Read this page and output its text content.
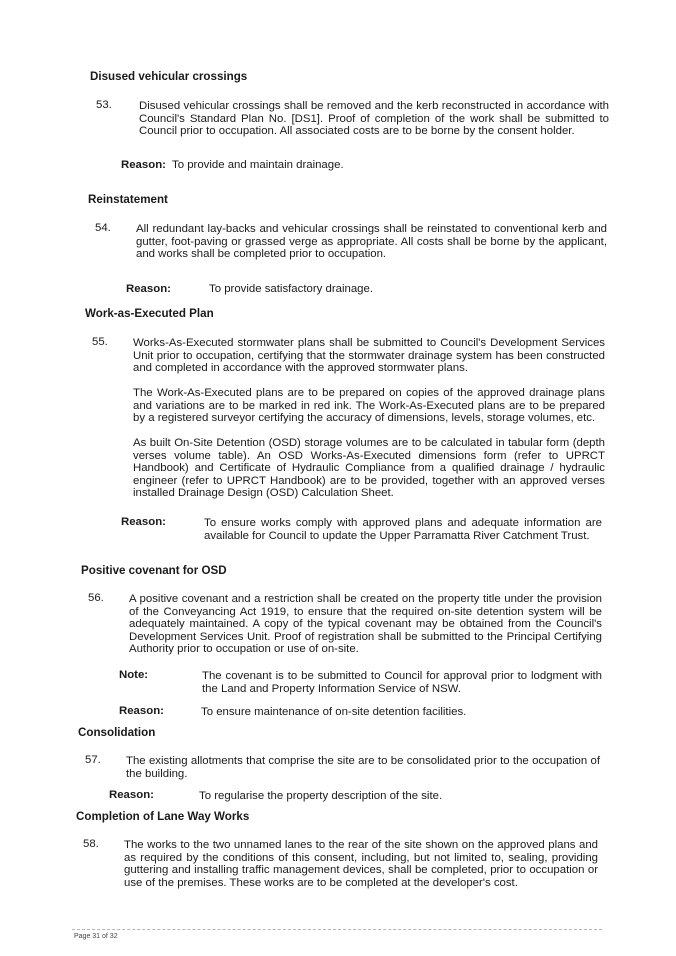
Disused vehicular crossings
53. Disused vehicular crossings shall be removed and the kerb reconstructed in accordance with Council's Standard Plan No. [DS1]. Proof of completion of the work shall be submitted to Council prior to occupation. All associated costs are to be borne by the consent holder.

Reason: To provide and maintain drainage.
Reinstatement
54. All redundant lay-backs and vehicular crossings shall be reinstated to conventional kerb and gutter, foot-paving or grassed verge as appropriate. All costs shall be borne by the applicant, and works shall be completed prior to occupation.

Reason:	To provide satisfactory drainage.
Work-as-Executed Plan
55. Works-As-Executed stormwater plans shall be submitted to Council's Development Services Unit prior to occupation, certifying that the stormwater drainage system has been constructed and completed in accordance with the approved stormwater plans.

The Work-As-Executed plans are to be prepared on copies of the approved drainage plans and variations are to be marked in red ink. The Work-As-Executed plans are to be prepared by a registered surveyor certifying the accuracy of dimensions, levels, storage volumes, etc.

As built On-Site Detention (OSD) storage volumes are to be calculated in tabular form (depth verses volume table). An OSD Works-As-Executed dimensions form (refer to UPRCT Handbook) and Certificate of Hydraulic Compliance from a qualified drainage / hydraulic engineer (refer to UPRCT Handbook) are to be provided, together with an approved verses installed Drainage Design (OSD) Calculation Sheet.

Reason:	To ensure works comply with approved plans and adequate information are available for Council to update the Upper Parramatta River Catchment Trust.

Positive covenant for OSD
56. A positive covenant and a restriction shall be created on the property title under the provision of the Conveyancing Act 1919, to ensure that the required on-site detention system will be adequately maintained. A copy of the typical covenant may be obtained from the Council's Development Services Unit. Proof of registration shall be submitted to the Principal Certifying Authority prior to occupation or use of on-site.

Note:	The covenant is to be submitted to Council for approval prior to lodgment with the Land and Property Information Service of NSW.

Reason:	To ensure maintenance of on-site detention facilities.
Consolidation
57. The existing allotments that comprise the site are to be consolidated prior to the occupation of the building.

Reason:	To regularise the property description of the site.
Completion of Lane Way Works
58. The works to the two unnamed lanes to the rear of the site shown on the approved plans and as required by the conditions of this consent, including, but not limited to, sealing, providing guttering and installing traffic management devices, shall be completed, prior to occupation or use of the premises. These works are to be completed at the developer's cost.

Page 31 of 32
